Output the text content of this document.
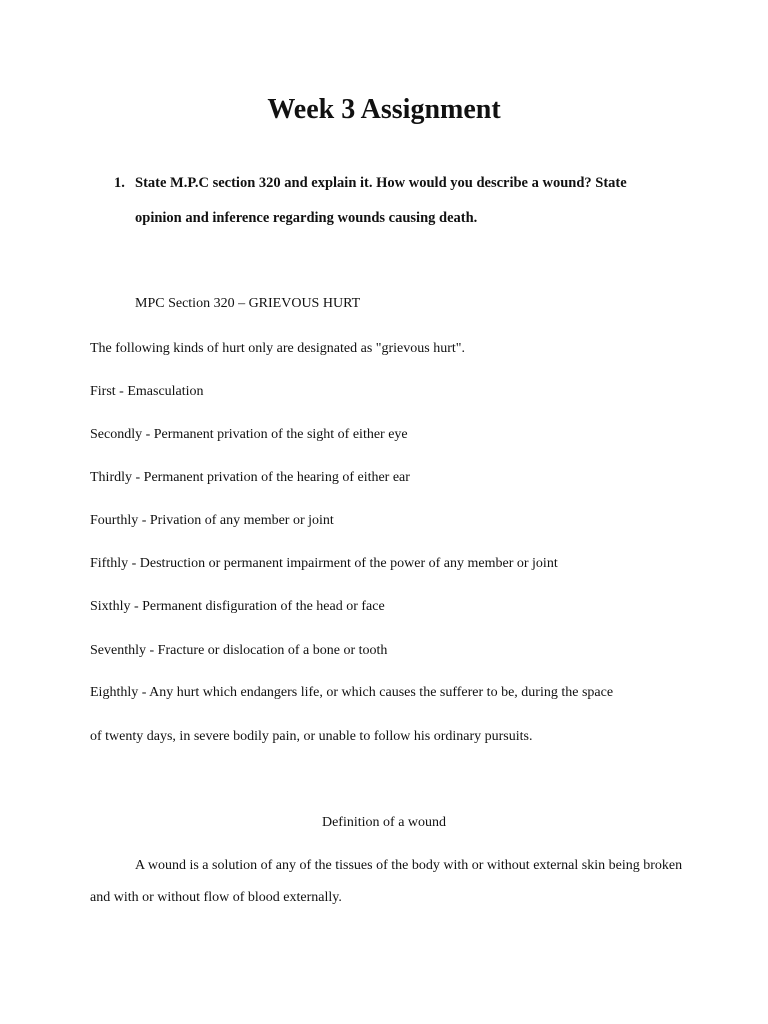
Week 3 Assignment
1. State M.P.C section 320 and explain it. How would you describe a wound? State
opinion and inference regarding wounds causing death.
MPC Section 320 – GRIEVOUS HURT
The following kinds of hurt only are designated as "grievous hurt".
First - Emasculation
Secondly - Permanent privation of the sight of either eye
Thirdly - Permanent privation of the hearing of either ear
Fourthly - Privation of any member or joint
Fifthly - Destruction or permanent impairment of the power of any member or joint
Sixthly - Permanent disfiguration of the head or face
Seventhly - Fracture or dislocation of a bone or tooth
Eighthly - Any hurt which endangers life, or which causes the sufferer to be, during the space
of twenty days, in severe bodily pain, or unable to follow his ordinary pursuits.
Definition of a wound
A wound is a solution of any of the tissues of the body with or without external skin being broken
and with or without flow of blood externally.
